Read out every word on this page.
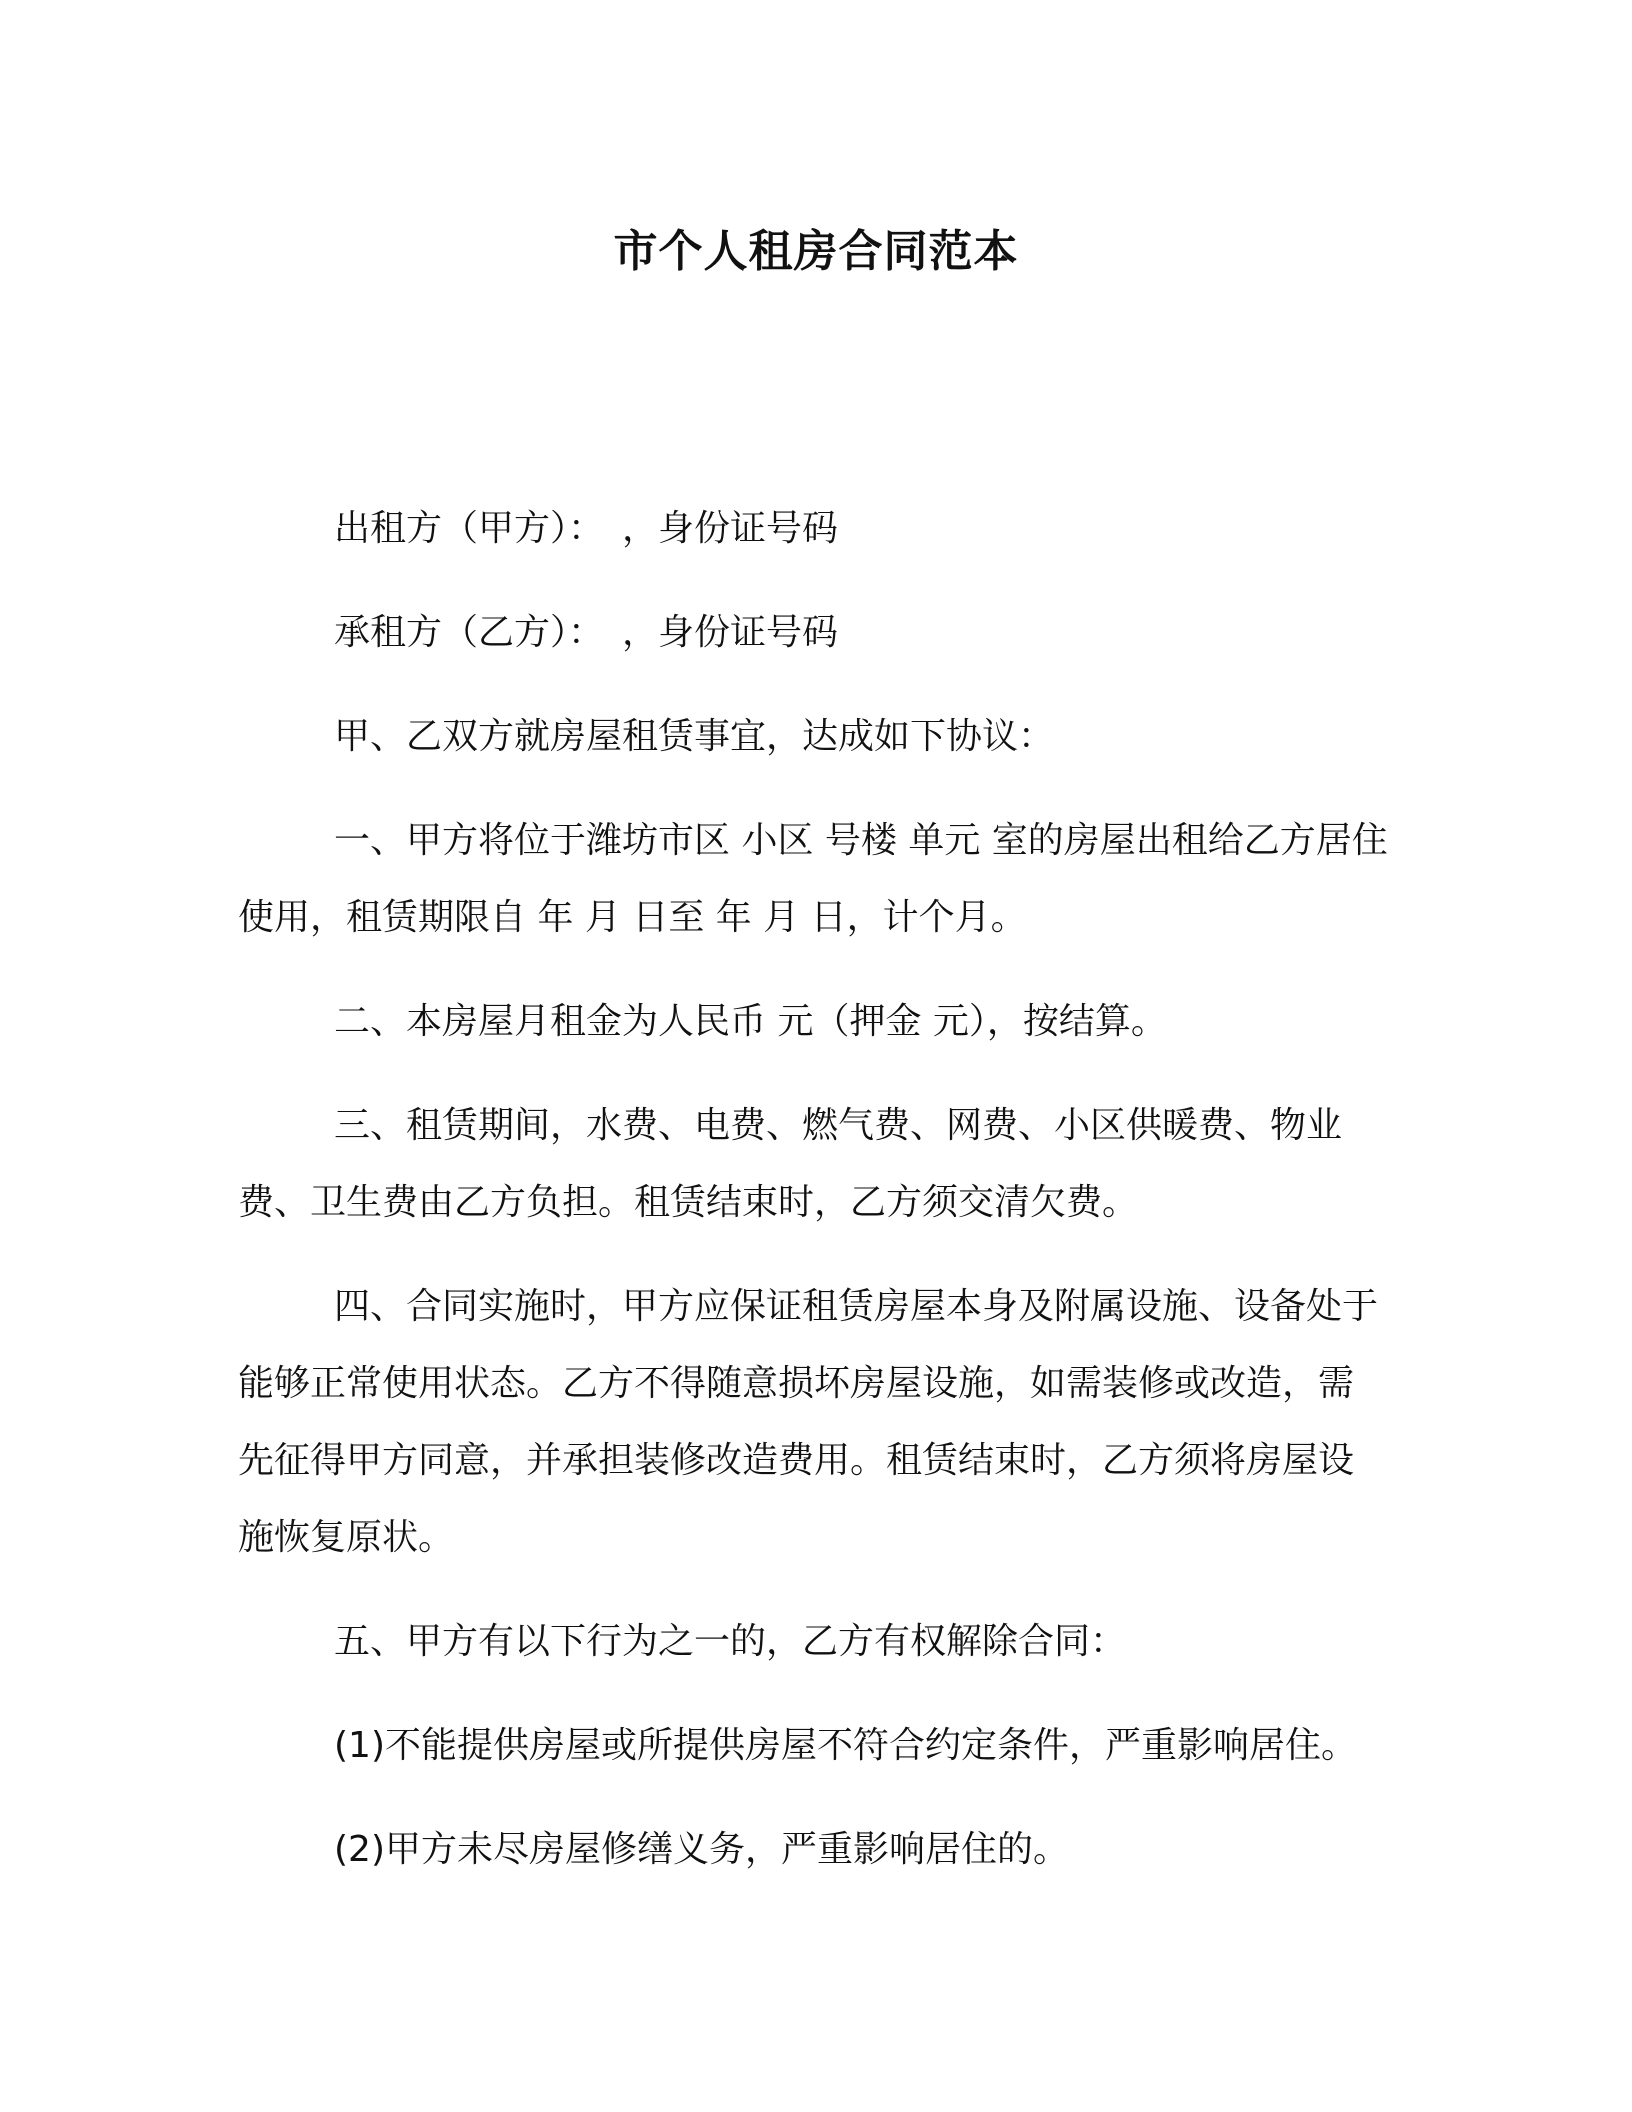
市个人租房合同范本

出租方（甲方）：　，身份证号码

承租方（乙方）：　，身份证号码

甲、乙双方就房屋租赁事宜，达成如下协议：

一、甲方将位于潍坊市区 小区 号楼 单元 室的房屋出租给乙方居住使用，租赁期限自 年 月 日至 年 月 日，计个月。

二、本房屋月租金为人民币 元（押金 元），按结算。

三、租赁期间，水费、电费、燃气费、网费、小区供暖费、物业费、卫生费由乙方负担。租赁结束时，乙方须交清欠费。

四、合同实施时，甲方应保证租赁房屋本身及附属设施、设备处于能够正常使用状态。乙方不得随意损坏房屋设施，如需装修或改造，需先征得甲方同意，并承担装修改造费用。租赁结束时，乙方须将房屋设施恢复原状。

五、甲方有以下行为之一的，乙方有权解除合同：

(1)不能提供房屋或所提供房屋不符合约定条件，严重影响居住。

(2)甲方未尽房屋修缮义务，严重影响居住的。
